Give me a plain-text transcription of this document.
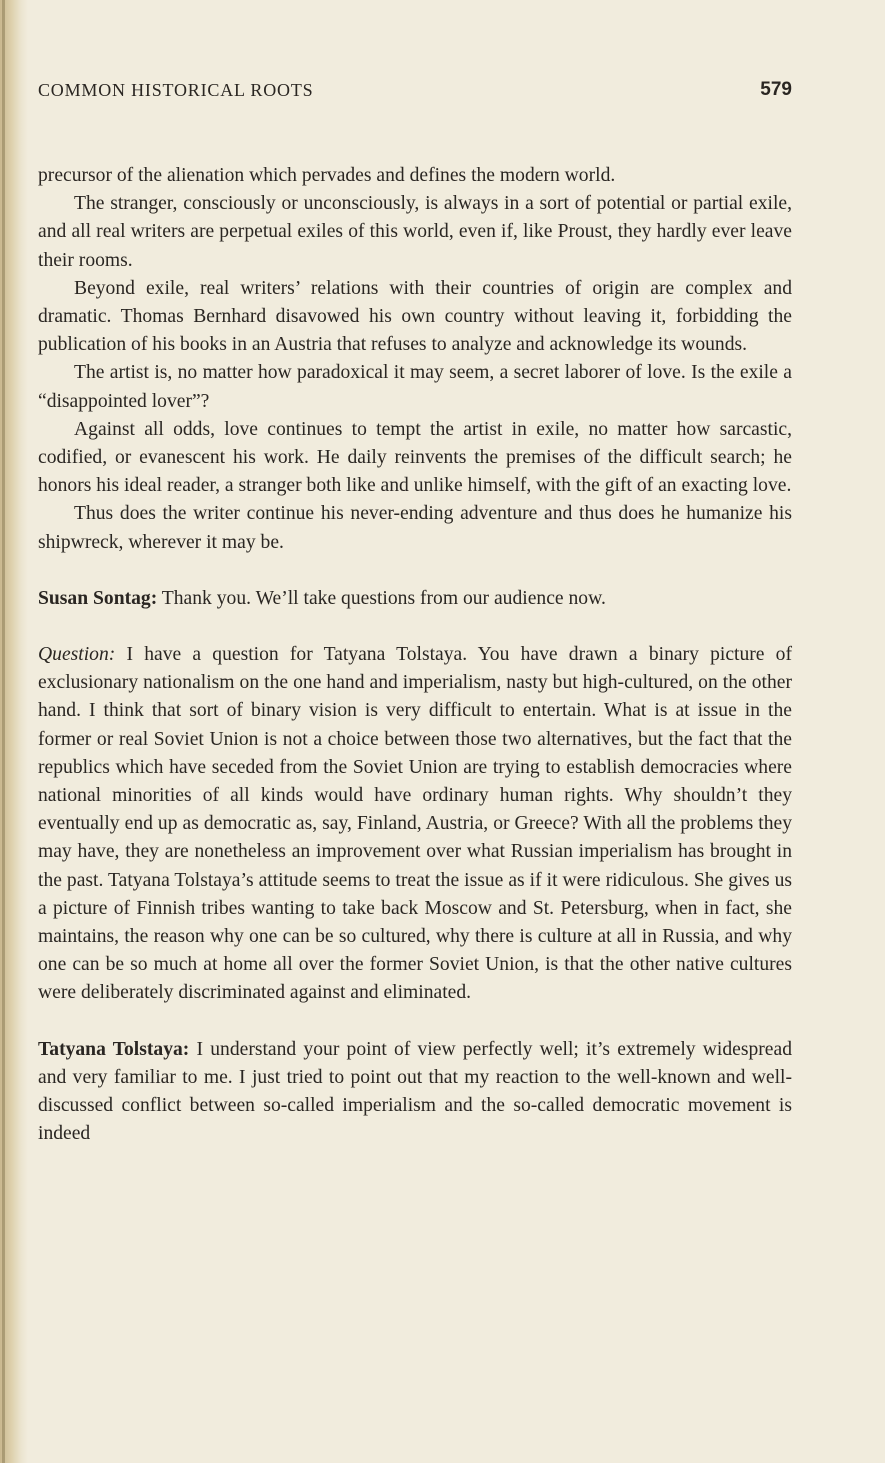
COMMON HISTORICAL ROOTS	579

precursor of the alienation which pervades and defines the modern world.

The stranger, consciously or unconsciously, is always in a sort of potential or partial exile, and all real writers are perpetual exiles of this world, even if, like Proust, they hardly ever leave their rooms.

Beyond exile, real writers’ relations with their countries of origin are complex and dramatic. Thomas Bernhard disavowed his own country without leaving it, forbidding the publication of his books in an Austria that refuses to analyze and acknowledge its wounds.

The artist is, no matter how paradoxical it may seem, a secret laborer of love. Is the exile a “disappointed lover”?

Against all odds, love continues to tempt the artist in exile, no matter how sarcastic, codified, or evanescent his work. He daily reinvents the premises of the difficult search; he honors his ideal reader, a stranger both like and unlike himself, with the gift of an exacting love.

Thus does the writer continue his never-ending adventure and thus does he humanize his shipwreck, wherever it may be.

Susan Sontag: Thank you. We’ll take questions from our audience now.

Question: I have a question for Tatyana Tolstaya. You have drawn a binary picture of exclusionary nationalism on the one hand and imperialism, nasty but high-cultured, on the other hand. I think that sort of binary vision is very difficult to entertain. What is at issue in the former or real Soviet Union is not a choice between those two alternatives, but the fact that the republics which have seceded from the Soviet Union are trying to establish democracies where national minorities of all kinds would have ordinary human rights. Why shouldn’t they eventually end up as democratic as, say, Finland, Austria, or Greece? With all the problems they may have, they are nonetheless an improvement over what Russian imperialism has brought in the past. Tatyana Tolstaya’s attitude seems to treat the issue as if it were ridiculous. She gives us a picture of Finnish tribes wanting to take back Moscow and St. Petersburg, when in fact, she maintains, the reason why one can be so cultured, why there is culture at all in Russia, and why one can be so much at home all over the former Soviet Union, is that the other native cultures were deliberately discriminated against and eliminated.

Tatyana Tolstaya: I understand your point of view perfectly well; it’s extremely widespread and very familiar to me. I just tried to point out that my reaction to the well-known and well-discussed conflict between so-called imperialism and the so-called democratic movement is indeed
